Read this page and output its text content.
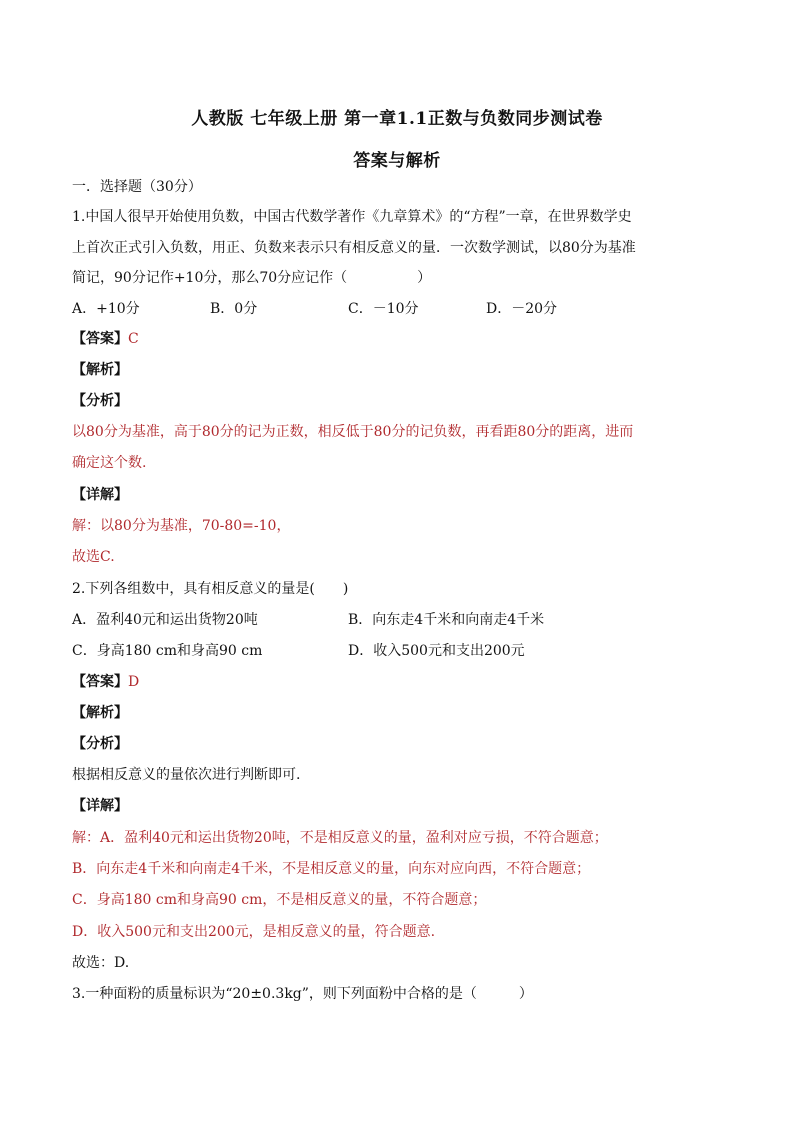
人教版 七年级上册 第一章1.1正数与负数同步测试卷
答案与解析
一．选择题（30分）
1.中国人很早开始使用负数，中国古代数学著作《九章算术》的“方程”一章，在世界数学史
上首次正式引入负数，用正、负数来表示只有相反意义的量．一次数学测试，以80分为基准
简记，90分记作+10分，那么70分应记作（　　　　　）
A．+10分	B．0分	C．－10分	D．－20分
【答案】C
【解析】
【分析】
以80分为基准，高于80分的记为正数，相反低于80分的记负数，再看距80分的距离，进而
确定这个数.
【详解】
解：以80分为基准，70-80=-10，
故选C.
2.下列各组数中，具有相反意义的量是(　　)
A．盈利40元和运出货物20吨	B．向东走4千米和向南走4千米
C．身高180 cm和身高90 cm	D．收入500元和支出200元
【答案】D
【解析】
【分析】
根据相反意义的量依次进行判断即可.
【详解】
解：A．盈利40元和运出货物20吨，不是相反意义的量，盈利对应亏损，不符合题意；
B．向东走4千米和向南走4千米，不是相反意义的量，向东对应向西，不符合题意；
C．身高180 cm和身高90 cm，不是相反意义的量，不符合题意；
D．收入500元和支出200元，是相反意义的量，符合题意.
故选：D.
3.一种面粉的质量标识为“20±0.3kg”，则下列面粉中合格的是（　　　）
